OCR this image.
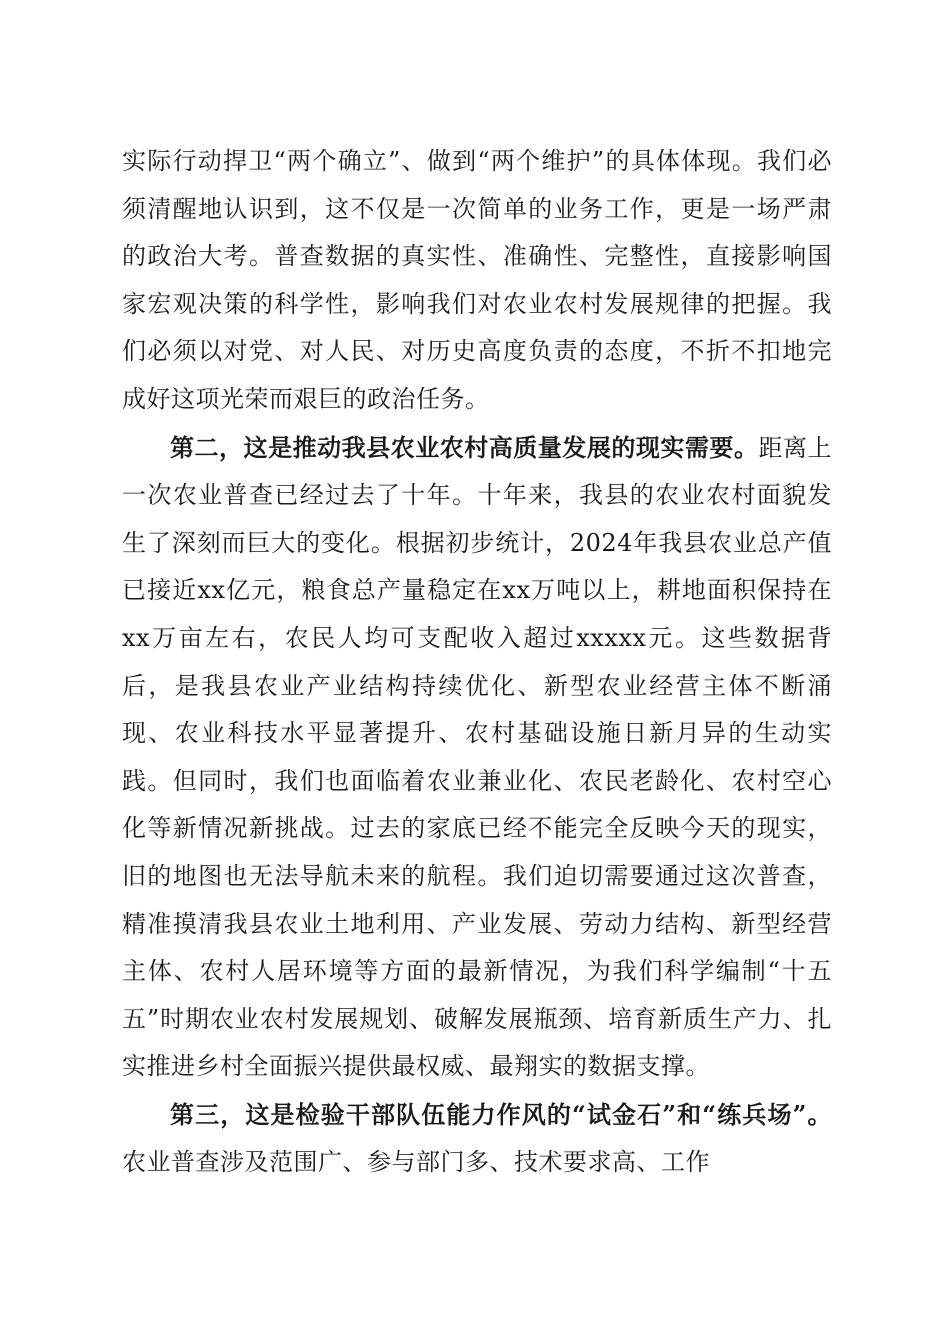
实际行动捍卫“两个确立”、做到“两个维护”的具体体现。我们必须清醒地认识到，这不仅是一次简单的业务工作，更是一场严肃的政治大考。普查数据的真实性、准确性、完整性，直接影响国家宏观决策的科学性，影响我们对农业农村发展规律的把握。我们必须以对党、对人民、对历史高度负责的态度，不折不扣地完成好这项光荣而艰巨的政治任务。

第二，这是推动我县农业农村高质量发展的现实需要。距离上一次农业普查已经过去了十年。十年来，我县的农业农村面貌发生了深刻而巨大的变化。根据初步统计，2024年我县农业总产值已接近xx亿元，粮食总产量稳定在xx万吨以上，耕地面积保持在xx万亩左右，农民人均可支配收入超过xxxxx元。这些数据背后，是我县农业产业结构持续优化、新型农业经营主体不断涌现、农业科技水平显著提升、农村基础设施日新月异的生动实践。但同时，我们也面临着农业兼业化、农民老龄化、农村空心化等新情况新挑战。过去的家底已经不能完全反映今天的现实，旧的地图也无法导航未来的航程。我们迫切需要通过这次普查，精准摸清我县农业土地利用、产业发展、劳动力结构、新型经营主体、农村人居环境等方面的最新情况，为我们科学编制“十五五”时期农业农村发展规划、破解发展瓶颈、培育新质生产力、扎实推进乡村全面振兴提供最权威、最翔实的数据支撑。

第三，这是检验干部队伍能力作风的“试金石”和“练兵场”。农业普查涉及范围广、参与部门多、技术要求高、工作
